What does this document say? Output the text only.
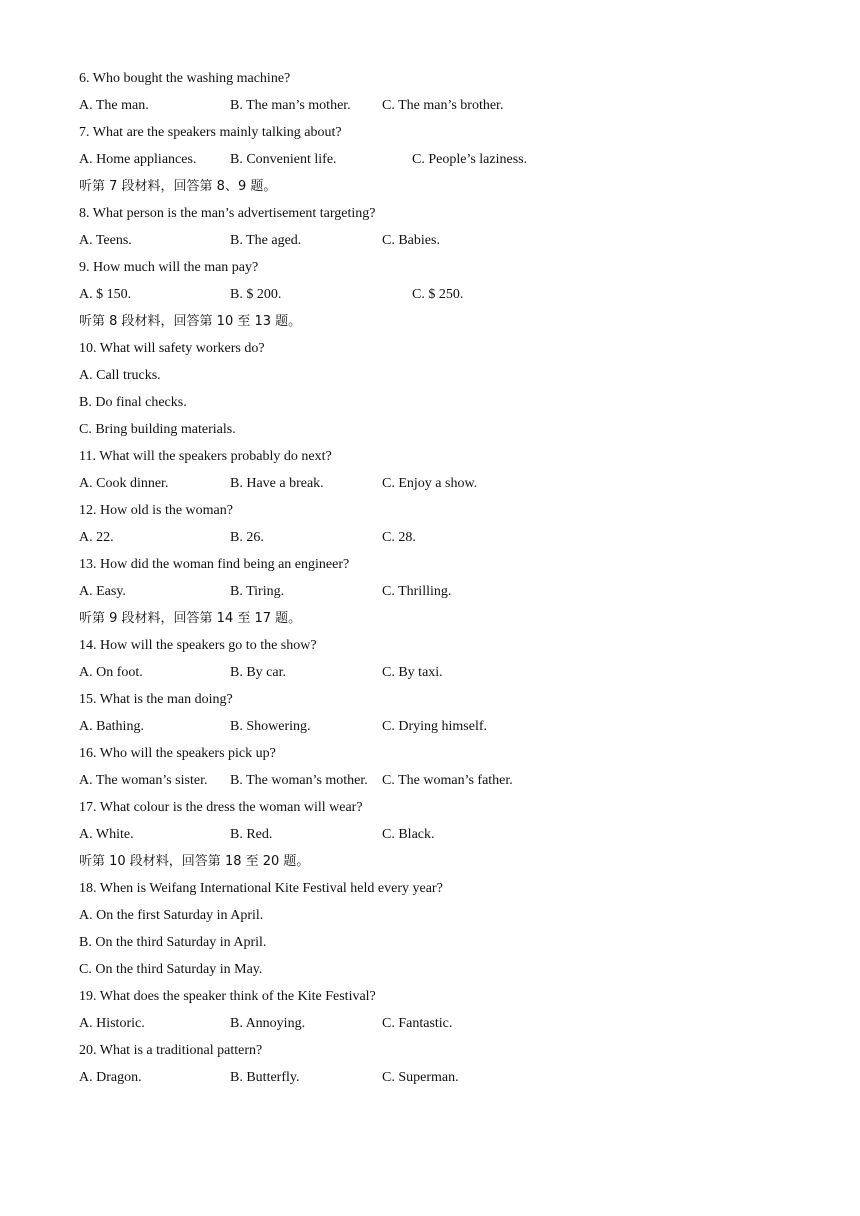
6. Who bought the washing machine?
A. The man.	B. The man’s mother. C. The man’s brother.
7. What are the speakers mainly talking about?
A. Home appliances. B. Convenient life.	C. People’s laziness.
听第 7 段材料，回答第 8、9 题。
8. What person is the man’s advertisement targeting?
A. Teens.	B. The aged.	C. Babies.
9. How much will the man pay?
A. $ 150.	B. $ 200.	C. $ 250.
听第 8 段材料，回答第 10 至 13 题。
10. What will safety workers do?
A. Call trucks.
B. Do final checks.
C. Bring building materials.
11. What will the speakers probably do next?
A. Cook dinner.	B. Have a break.	C. Enjoy a show.
12. How old is the woman?
A. 22.	B. 26.	C. 28.
13. How did the woman find being an engineer?
A. Easy.	B. Tiring.	C. Thrilling.
听第 9 段材料，回答第 14 至 17 题。
14. How will the speakers go to the show?
A. On foot.	B. By car.	C. By taxi.
15. What is the man doing?
A. Bathing.	B. Showering.	C. Drying himself.
16. Who will the speakers pick up?
A. The woman’s sister. B. The woman’s mother. C. The woman’s father.
17. What colour is the dress the woman will wear?
A. White.	B. Red.	C. Black.
听第 10 段材料，回答第 18 至 20 题。
18. When is Weifang International Kite Festival held every year?
A. On the first Saturday in April.
B. On the third Saturday in April.
C. On the third Saturday in May.
19. What does the speaker think of the Kite Festival?
A. Historic.	B. Annoying.	C. Fantastic.
20. What is a traditional pattern?
A. Dragon.	B. Butterfly.	C. Superman.
